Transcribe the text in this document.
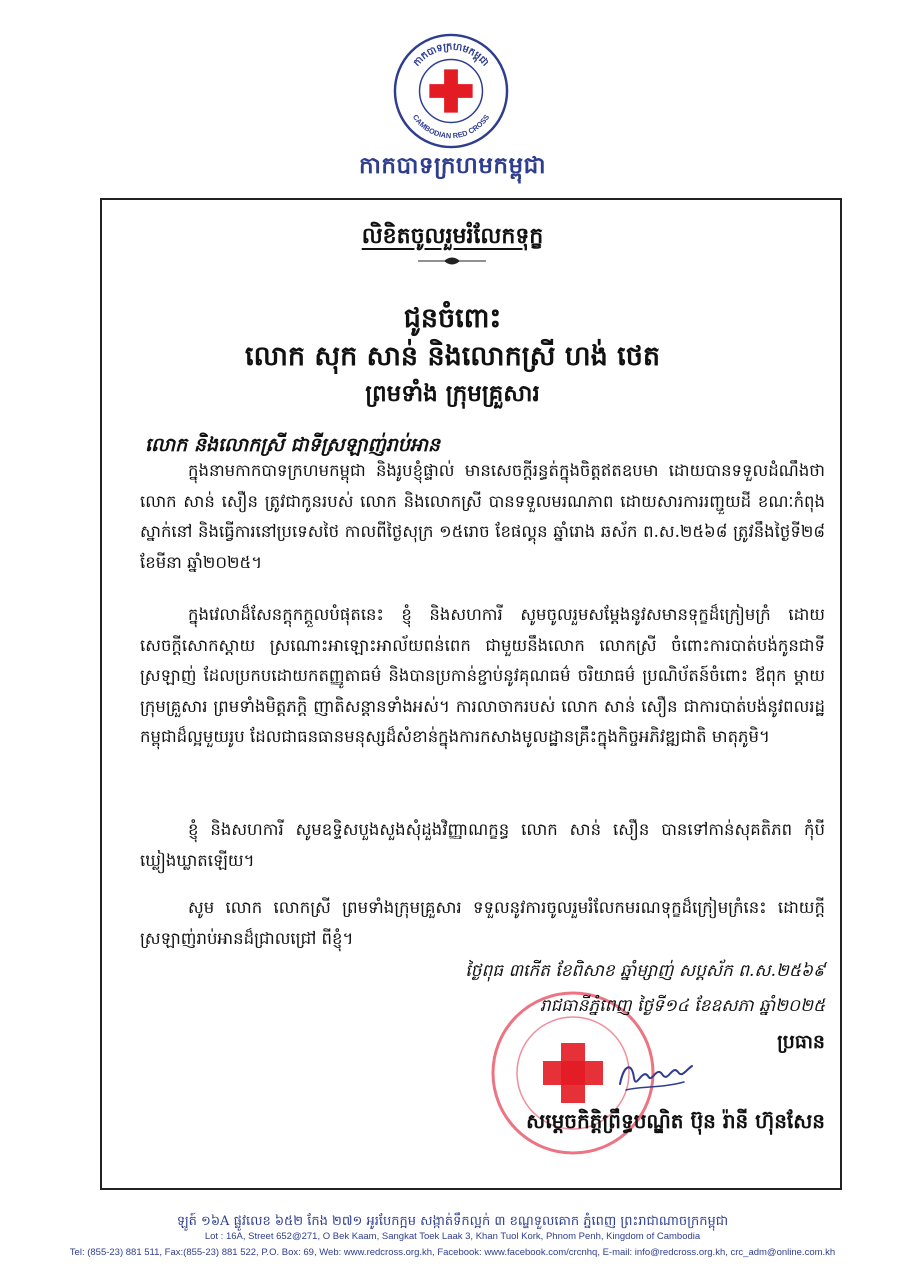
កាកបាទក្រហមកម្ពុជា
CAMBODIAN RED CROSS
កាកបាទក្រហមកម្ពុជា
លិខិតចូលរួមរំលែកទុក្ខ
ជូនចំពោះ
លោក សុក សាន់ និងលោកស្រី ហង់ ថេត
ព្រមទាំង ក្រុមគ្រួសារ
លោក និងលោកស្រី ជាទីស្រឡាញ់រាប់អាន

ក្នុងនាមកាកបាទក្រហមកម្ពុជា និងរូបខ្ញុំផ្ទាល់ មានសេចក្តីរន្ធត់ក្នុងចិត្តឥតឧបមា ដោយបានទទួលដំណឹងថា លោក សាន់ សឿន ត្រូវជាកូនរបស់ លោក និងលោកស្រី បានទទួលមរណភាព ដោយសារការរញ្ជួយដី ខណៈកំពុងស្នាក់នៅ និងធ្វើការនៅប្រទេសថៃ កាលពីថ្ងៃសុក្រ ១៥រោច ខែផល្គុន ឆ្នាំរោង ឆស័ក ព.ស.២៥៦៨ ត្រូវនឹងថ្ងៃទី២៨ ខែមីនា ឆ្នាំ២០២៥។

ក្នុងវេលាដ៏សែនក្តុកក្តួលបំផុតនេះ ខ្ញុំ និងសហការី សូមចូលរួមសម្តែងនូវសមានទុក្ខដ៏ក្រៀមក្រំ ដោយសេចក្តីសោកស្តាយ ស្រណោះអាឡោះអាល័យពន់ពេក ជាមួយនឹងលោក លោកស្រី ចំពោះការបាត់បង់កូនជាទីស្រឡាញ់ ដែលប្រកបដោយកតញ្ញូតាធម៌ និងបានប្រកាន់ខ្ជាប់នូវគុណធម៌ ចរិយាធម៌ ប្រណិប័តន៍ចំពោះ ឪពុក ម្តាយ ក្រុមគ្រួសារ ព្រមទាំងមិត្តភក្តិ ញាតិសន្តានទាំងអស់។ ការលាចាករបស់ លោក សាន់ សឿន ជាការបាត់បង់នូវពលរដ្ឋកម្ពុជាដ៏ល្អមួយរូប ដែលជាធនធានមនុស្សដ៏សំខាន់ក្នុងការកសាងមូលដ្ឋានគ្រឹះក្នុងកិច្ចអភិវឌ្ឍជាតិ មាតុភូមិ។

ខ្ញុំ និងសហការី សូមឧទ្ទិសបួងសួងសុំដួងវិញ្ញាណក្ខន្ធ លោក សាន់ សឿន បានទៅកាន់សុគតិភព កុំបីឃ្លៀងឃ្លាតឡើយ។

សូម លោក លោកស្រី ព្រមទាំងក្រុមគ្រួសារ ទទួលនូវការចូលរួមរំលែកមរណទុក្ខដ៏ក្រៀមក្រំនេះ ដោយក្តីស្រឡាញ់រាប់អានដ៏ជ្រាលជ្រៅ ពីខ្ញុំ។

ថ្ងៃពុធ ៣កើត ខែពិសាខ ឆ្នាំម្សាញ់ សប្តស័ក ព.ស.២៥៦៩
រាជធានីភ្នំពេញ ថ្ងៃទី១៤ ខែឧសភា ឆ្នាំ២០២៥
ប្រធាន
សម្តេចកិត្តិព្រឹទ្ធបណ្ឌិត ប៊ុន រ៉ានី ហ៊ុនសែន
ឡូត៍ ១៦A ផ្លូវលេខ ៦៥២ កែង ២៧១ អូរបែកក្អម សង្កាត់ទឹកល្អក់ ៣ ខណ្ឌទួលគោក ភ្នំពេញ ព្រះរាជាណាចក្រកម្ពុជា
Lot : 16A, Street 652@271, O Bek Kaam, Sangkat Toek Laak 3, Khan Tuol Kork, Phnom Penh, Kingdom of Cambodia
Tel: (855-23) 881 511, Fax:(855-23) 881 522, P.O. Box: 69, Web: www.redcross.org.kh, Facebook: www.facebook.com/crcnhq, E-mail: info@redcross.org.kh, crc_adm@online.com.kh
